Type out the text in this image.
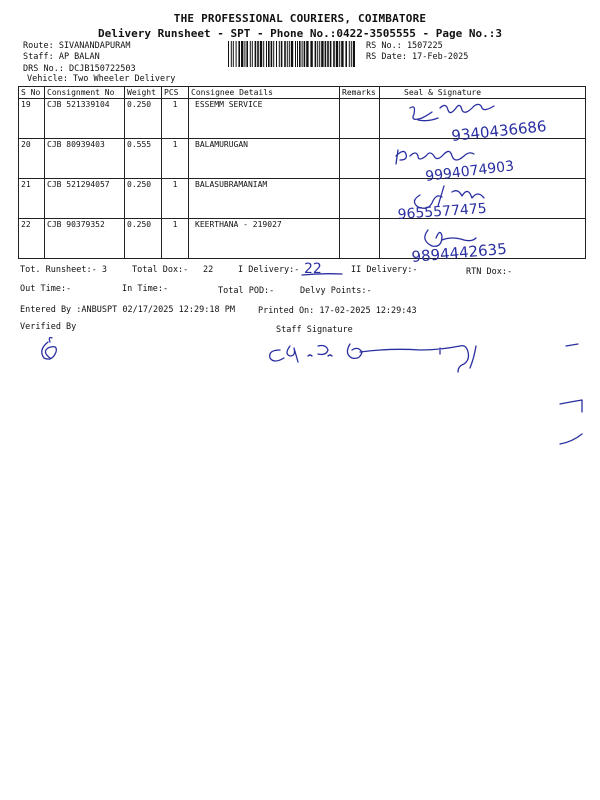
THE PROFESSIONAL COURIERS, COIMBATORE
Delivery Runsheet - SPT - Phone No.:0422-3505555 - Page No.:3
Route: SIVANANDAPURAM
Staff: AP BALAN
DRS No.: DCJB150722503
Vehicle: Two Wheeler Delivery
RS No.: 1507225
RS Date: 17-Feb-2025
S No	Consignment No	Weight	PCS	Consignee Details	Remarks	Seal & Signature
19	CJB 521339104	0.250	1	ESSEMM SERVICE		
20	CJB 80939403	0.555	1	BALAMURUGAN		
21	CJB 521294057	0.250	1	BALASUBRAMANIAM		
22	CJB 90379352	0.250	1	KEERTHANA - 219027		
Tot. Runsheet:- 3	Total Dox:- 22	I Delivery:-	II Delivery:-	RTN Dox:-
Out Time:-	In Time:-	Total POD:-	Delvy Points:-
Entered By :ANBUSPT 02/17/2025 12:29:18 PM	Printed On: 17-02-2025 12:29:43
Verified By	Staff Signature
9340436686
9994074903
9655577475
9894442635
22
